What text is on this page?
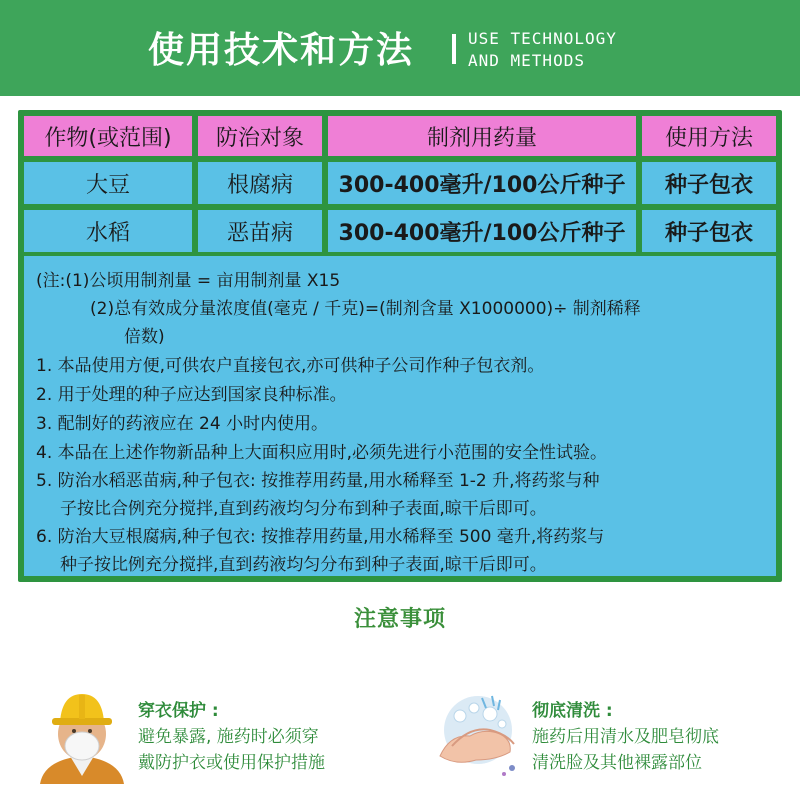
使用技术和方法	USE TECHNOLOGY
AND METHODS
作物(或范围)	防治对象	制剂用药量	使用方法
大豆	根腐病	300-400毫升/100公斤种子	种子包衣
水稻	恶苗病	300-400毫升/100公斤种子	种子包衣
(注:(1)公顷用制剂量 = 亩用制剂量 X15
(2)总有效成分量浓度值(毫克 / 千克)=(制剂含量 X1000000)÷ 制剂稀释
倍数)
1. 本品使用方便,可供农户直接包衣,亦可供种子公司作种子包衣剂。
2. 用于处理的种子应达到国家良种标准。
3. 配制好的药液应在 24 小时内使用。
4. 本品在上述作物新品种上大面积应用时,必须先进行小范围的安全性试验。
5. 防治水稻恶苗病,种子包衣: 按推荐用药量,用水稀释至 1-2 升,将药浆与种
子按比合例充分搅拌,直到药液均匀分布到种子表面,晾干后即可。
6. 防治大豆根腐病,种子包衣: 按推荐用药量,用水稀释至 500 毫升,将药浆与
种子按比例充分搅拌,直到药液均匀分布到种子表面,晾干后即可。
注意事项
穿衣保护 :
避免暴露, 施药时必须穿
戴防护衣或使用保护措施
彻底清洗 :
施药后用清水及肥皂彻底
清洗脸及其他裸露部位
